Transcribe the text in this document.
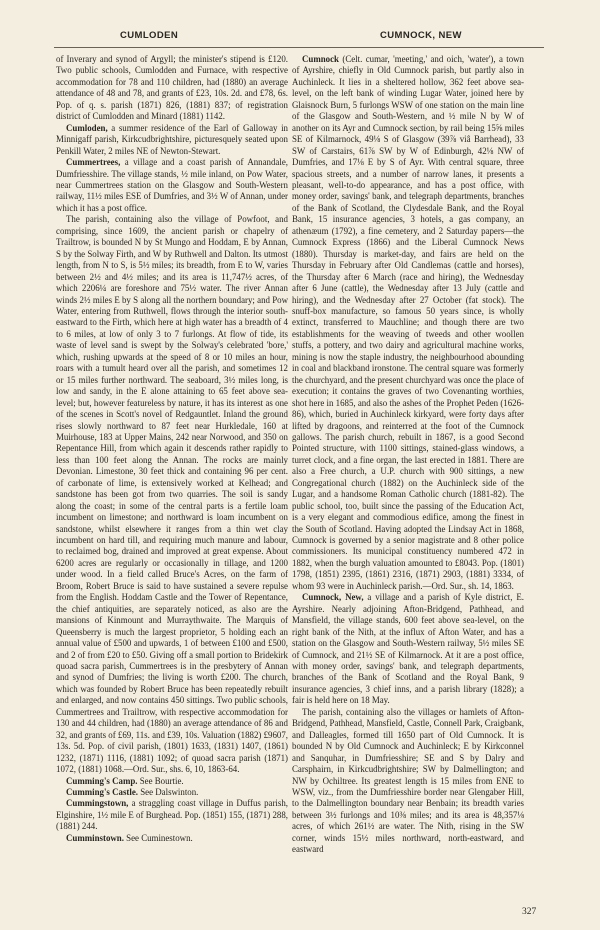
CUMLODEN	CUMNOCK, NEW

of Inverary and synod of Argyll; the minister's stipend is £120. Two public schools, Cumlodden and Furnace, with respective accommodation for 78 and 110 children, had (1880) an average attendance of 48 and 78, and grants of £23, 10s. 2d. and £78, 6s. Pop. of q. s. parish (1871) 826, (1881) 837; of registration district of Cumlodden and Minard (1881) 1142.

Cumloden, a summer residence of the Earl of Galloway in Minnigaff parish, Kirkcudbrightshire, picturesquely seated upon Penkill Water, 2 miles NE of Newton-Stewart.

Cummertrees, a village and a coast parish of Annandale, Dumfriesshire. The village stands, ½ mile inland, on Pow Water, near Cummertrees station on the Glasgow and South-Western railway, 11½ miles ESE of Dumfries, and 3½ W of Annan, under which it has a post office.

The parish, containing also the village of Powfoot, and comprising, since 1609, the ancient parish or chapelry of Trailtrow, is bounded N by St Mungo and Hoddam, E by Annan, S by the Solway Firth, and W by Ruthwell and Dalton. Its utmost length, from N to S, is 5½ miles; its breadth, from E to W, varies between 2½ and 4½ miles; and its area is 11,747½ acres, of which 2206¼ are foreshore and 75½ water. The river Annan winds 2½ miles E by S along all the northern boundary; and Pow Water, entering from Ruthwell, flows through the interior south-eastward to the Firth, which here at high water has a breadth of 4 to 6 miles, at low of only 3 to 7 furlongs. At flow of tide, its waste of level sand is swept by the Solway's celebrated 'bore,' which, rushing upwards at the speed of 8 or 10 miles an hour, roars with a tumult heard over all the parish, and sometimes 12 or 15 miles further northward. The seaboard, 3½ miles long, is low and sandy, in the E alone attaining to 65 feet above sea-level; but, however featureless by nature, it has its interest as one of the scenes in Scott's novel of Redgauntlet. Inland the ground rises slowly northward to 87 feet near Hurkledale, 160 at Muirhouse, 183 at Upper Mains, 242 near Norwood, and 350 on Repentance Hill, from which again it descends rather rapidly to less than 100 feet along the Annan. The rocks are mainly Devonian. Limestone, 30 feet thick and containing 96 per cent. of carbonate of lime, is extensively worked at Kelhead; and sandstone has been got from two quarries. The soil is sandy along the coast; in some of the central parts is a fertile loam incumbent on limestone; and northward is loam incumbent on sandstone, whilst elsewhere it ranges from a thin wet clay incumbent on hard till, and requiring much manure and labour, to reclaimed bog, drained and improved at great expense. About 6200 acres are regularly or occasionally in tillage, and 1200 under wood. In a field called Bruce's Acres, on the farm of Broom, Robert Bruce is said to have sustained a severe repulse from the English. Hoddam Castle and the Tower of Repentance, the chief antiquities, are separately noticed, as also are the mansions of Kinmount and Murraythwaite. The Marquis of Queensberry is much the largest proprietor, 5 holding each an annual value of £500 and upwards, 1 of between £100 and £500, and 2 of from £20 to £50. Giving off a small portion to Bridekirk quoad sacra parish, Cummertrees is in the presbytery of Annan and synod of Dumfries; the living is worth £200. The church, which was founded by Robert Bruce has been repeatedly rebuilt and enlarged, and now contains 450 sittings. Two public schools, Cummertrees and Trailtrow, with respective accommodation for 130 and 44 children, had (1880) an average attendance of 86 and 32, and grants of £69, 11s. and £39, 10s. Valuation (1882) £9607, 13s. 5d. Pop. of civil parish, (1801) 1633, (1831) 1407, (1861) 1232, (1871) 1116, (1881) 1092; of quoad sacra parish (1871) 1072, (1881) 1068.—Ord. Sur., shs. 6, 10, 1863-64.

Cumming's Camp. See Bourtie.

Cumming's Castle. See Dalswinton.

Cummingstown, a straggling coast village in Duffus parish, Elginshire, 1½ mile E of Burghead. Pop. (1851) 155, (1871) 288, (1881) 244.

Cumminstown. See Cuminestown.

Cumnock (Celt. cumar, 'meeting,' and oich, 'water'), a town of Ayrshire, chiefly in Old Cumnock parish, but partly also in Auchinleck. It lies in a sheltered hollow, 362 feet above sea-level, on the left bank of winding Lugar Water, joined here by Glaisnock Burn, 5 furlongs WSW of one station on the main line of the Glasgow and South-Western, and ½ mile N by W of another on its Ayr and Cumnock section, by rail being 15⅝ miles SE of Kilmarnock, 49⅛ S of Glasgow (39⅞ viâ Barrhead), 33 SW of Carstairs, 61⅞ SW by W of Edinburgh, 42⅛ NW of Dumfries, and 17⅛ E by S of Ayr. With central square, three spacious streets, and a number of narrow lanes, it presents a pleasant, well-to-do appearance, and has a post office, with money order, savings' bank, and telegraph departments, branches of the Bank of Scotland, the Clydesdale Bank, and the Royal Bank, 15 insurance agencies, 3 hotels, a gas company, an athenæum (1792), a fine cemetery, and 2 Saturday papers—the Cumnock Express (1866) and the Liberal Cumnock News (1880). Thursday is market-day, and fairs are held on the Thursday in February after Old Candlemas (cattle and horses), the Thursday after 6 March (race and hiring), the Wednesday after 6 June (cattle), the Wednesday after 13 July (cattle and hiring), and the Wednesday after 27 October (fat stock). The snuff-box manufacture, so famous 50 years since, is wholly extinct, transferred to Mauchline; and though there are two establishments for the weaving of tweeds and other woollen stuffs, a pottery, and two dairy and agricultural machine works, mining is now the staple industry, the neighbourhood abounding in coal and blackband ironstone. The central square was formerly the churchyard, and the present churchyard was once the place of execution; it contains the graves of two Covenanting worthies, shot here in 1685, and also the ashes of the Prophet Peden (1626-86), which, buried in Auchinleck kirkyard, were forty days after lifted by dragoons, and reinterred at the foot of the Cumnock gallows. The parish church, rebuilt in 1867, is a good Second Pointed structure, with 1100 sittings, stained-glass windows, a turret clock, and a fine organ, the last erected in 1881. There are also a Free church, a U.P. church with 900 sittings, a new Congregational church (1882) on the Auchinleck side of the Lugar, and a handsome Roman Catholic church (1881-82). The public school, too, built since the passing of the Education Act, is a very elegant and commodious edifice, among the finest in the South of Scotland. Having adopted the Lindsay Act in 1868, Cumnock is governed by a senior magistrate and 8 other police commissioners. Its municipal constituency numbered 472 in 1882, when the burgh valuation amounted to £8043. Pop. (1801) 1798, (1851) 2395, (1861) 2316, (1871) 2903, (1881) 3334, of whom 93 were in Auchinleck parish.—Ord. Sur., sh. 14, 1863.

Cumnock, New, a village and a parish of Kyle district, E. Ayrshire. Nearly adjoining Afton-Bridgend, Pathhead, and Mansfield, the village stands, 600 feet above sea-level, on the right bank of the Nith, at the influx of Afton Water, and has a station on the Glasgow and South-Western railway, 5½ miles SE of Cumnock, and 21½ SE of Kilmarnock. At it are a post office, with money order, savings' bank, and telegraph departments, branches of the Bank of Scotland and the Royal Bank, 9 insurance agencies, 3 chief inns, and a parish library (1828); a fair is held here on 18 May.

The parish, containing also the villages or hamlets of Afton-Bridgend, Pathhead, Mansfield, Castle, Connell Park, Craigbank, and Dalleagles, formed till 1650 part of Old Cumnock. It is bounded N by Old Cumnock and Auchinleck; E by Kirkconnel and Sanquhar, in Dumfriesshire; SE and S by Dalry and Carsphairn, in Kirkcudbrightshire; SW by Dalmellington; and NW by Ochiltree. Its greatest length is 15 miles from ENE to WSW, viz., from the Dumfriesshire border near Glengaber Hill, to the Dalmellington boundary near Benbain; its breadth varies between 3½ furlongs and 10⅜ miles; and its area is 48,357⅛ acres, of which 261½ are water. The Nith, rising in the SW corner, winds 15½ miles northward, north-eastward, and eastward

327
